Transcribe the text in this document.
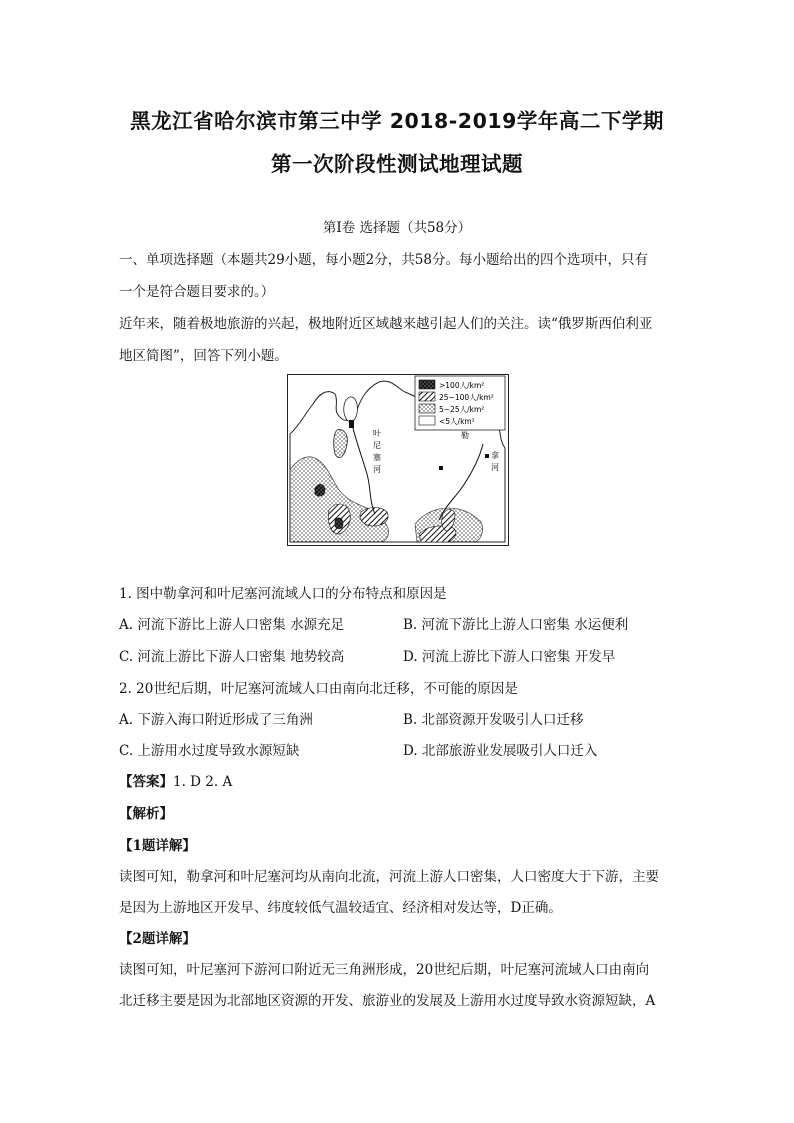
黑龙江省哈尔滨市第三中学 2018-2019学年高二下学期
第一次阶段性测试地理试题
第Ⅰ卷 选择题（共58分）
一、单项选择题（本题共29小题，每小题2分，共58分。每小题给出的四个选项中，只有
一个是符合题目要求的。）
近年来，随着极地旅游的兴起，极地附近区域越来越引起人们的关注。读“俄罗斯西伯利亚
地区简图”，回答下列小题。
叶
尼
塞
河
勒
拿
河
>100人/km²
25~100人/km²
5~25人/km²
<5人/km²
1. 图中勒拿河和叶尼塞河流域人口的分布特点和原因是
A. 河流下游比上游人口密集 水源充足	B. 河流下游比上游人口密集 水运便利
C. 河流上游比下游人口密集 地势较高	D. 河流上游比下游人口密集 开发早
2. 20世纪后期，叶尼塞河流域人口由南向北迁移，不可能的原因是
A. 下游入海口附近形成了三角洲	B. 北部资源开发吸引人口迁移
C. 上游用水过度导致水源短缺	D. 北部旅游业发展吸引人口迁入
【答案】1. D 2. A
【解析】
【1题详解】
读图可知，勒拿河和叶尼塞河均从南向北流，河流上游人口密集，人口密度大于下游，主要
是因为上游地区开发早、纬度较低气温较适宜、经济相对发达等，D正确。
【2题详解】
读图可知，叶尼塞河下游河口附近无三角洲形成，20世纪后期，叶尼塞河流域人口由南向
北迁移主要是因为北部地区资源的开发、旅游业的发展及上游用水过度导致水资源短缺，A
